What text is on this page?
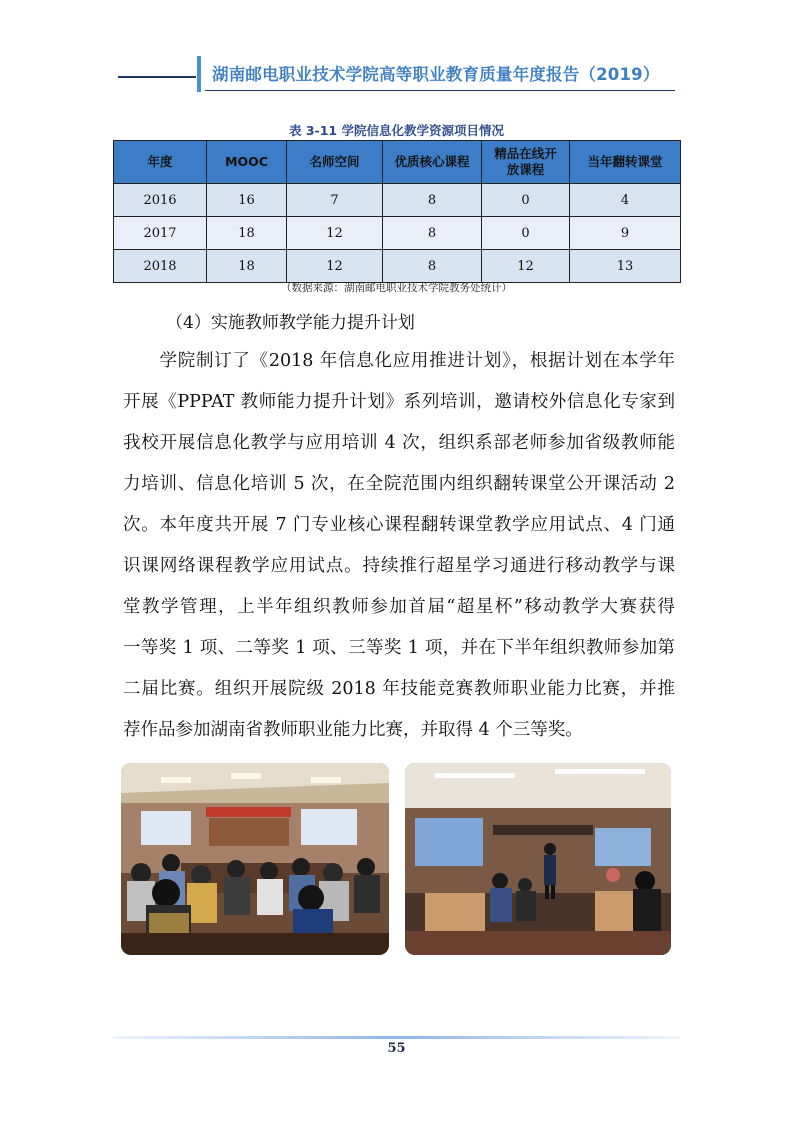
湖南邮电职业技术学院高等职业教育质量年度报告（2019）
表 3-11 学院信息化教学资源项目情况
年度	MOOC	名师空间	优质核心课程	精品在线开放课程	当年翻转课堂
2016	16	7	8	0	4
2017	18	12	8	0	9
2018	18	12	8	12	13
（数据来源：湖南邮电职业技术学院教务处统计）
（4）实施教师教学能力提升计划
　　学院制订了《2018 年信息化应用推进计划》，根据计划在本学年
开展《PPPAT 教师能力提升计划》系列培训，邀请校外信息化专家到
我校开展信息化教学与应用培训 4 次，组织系部老师参加省级教师能
力培训、信息化培训 5 次，在全院范围内组织翻转课堂公开课活动 2
次。本年度共开展 7 门专业核心课程翻转课堂教学应用试点、4 门通
识课网络课程教学应用试点。持续推行超星学习通进行移动教学与课
堂教学管理，上半年组织教师参加首届“超星杯”移动教学大赛获得
一等奖 1 项、二等奖 1 项、三等奖 1 项，并在下半年组织教师参加第
二届比赛。组织开展院级 2018 年技能竞赛教师职业能力比赛，并推
荐作品参加湖南省教师职业能力比赛，并取得 4 个三等奖。
55
